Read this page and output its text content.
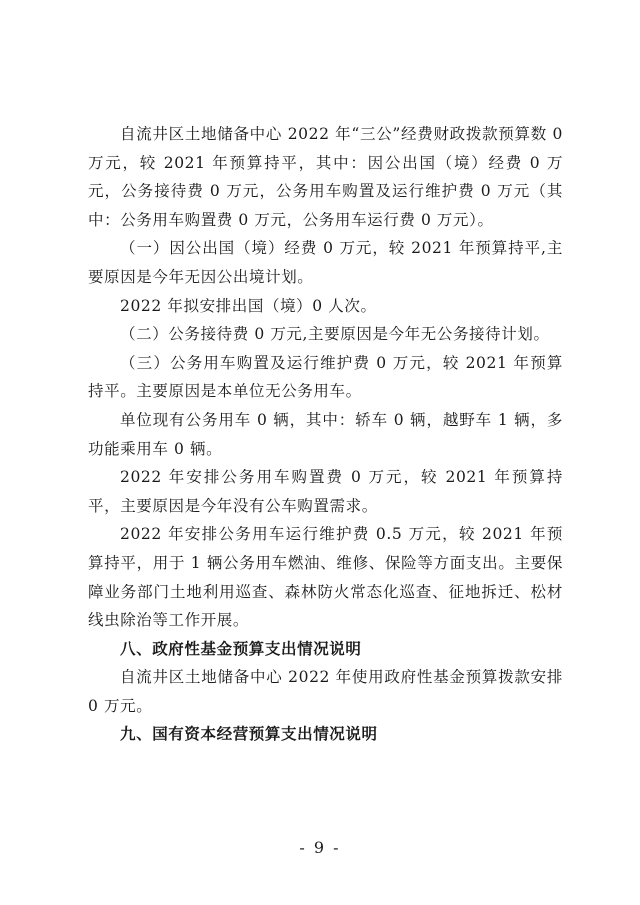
自流井区土地储备中心 2022 年“三公”经费财政拨款预算数 0 万元，较 2021 年预算持平，其中：因公出国（境）经费 0 万元，公务接待费 0 万元，公务用车购置及运行维护费 0 万元（其中：公务用车购置费 0 万元，公务用车运行费 0 万元）。

（一）因公出国（境）经费 0 万元，较 2021 年预算持平,主要原因是今年无因公出境计划。

2022 年拟安排出国（境）0 人次。

（二）公务接待费 0 万元,主要原因是今年无公务接待计划。

（三）公务用车购置及运行维护费 0 万元，较 2021 年预算持平。主要原因是本单位无公务用车。

单位现有公务用车 0 辆，其中：轿车 0 辆，越野车 1 辆，多功能乘用车 0 辆。

2022 年安排公务用车购置费 0 万元，较 2021 年预算持平，主要原因是今年没有公车购置需求。

2022 年安排公务用车运行维护费 0.5 万元，较 2021 年预算持平，用于 1 辆公务用车燃油、维修、保险等方面支出。主要保障业务部门土地利用巡查、森林防火常态化巡查、征地拆迁、松材线虫除治等工作开展。

八、政府性基金预算支出情况说明

自流井区土地储备中心 2022 年使用政府性基金预算拨款安排 0 万元。

九、国有资本经营预算支出情况说明

- 9 -
